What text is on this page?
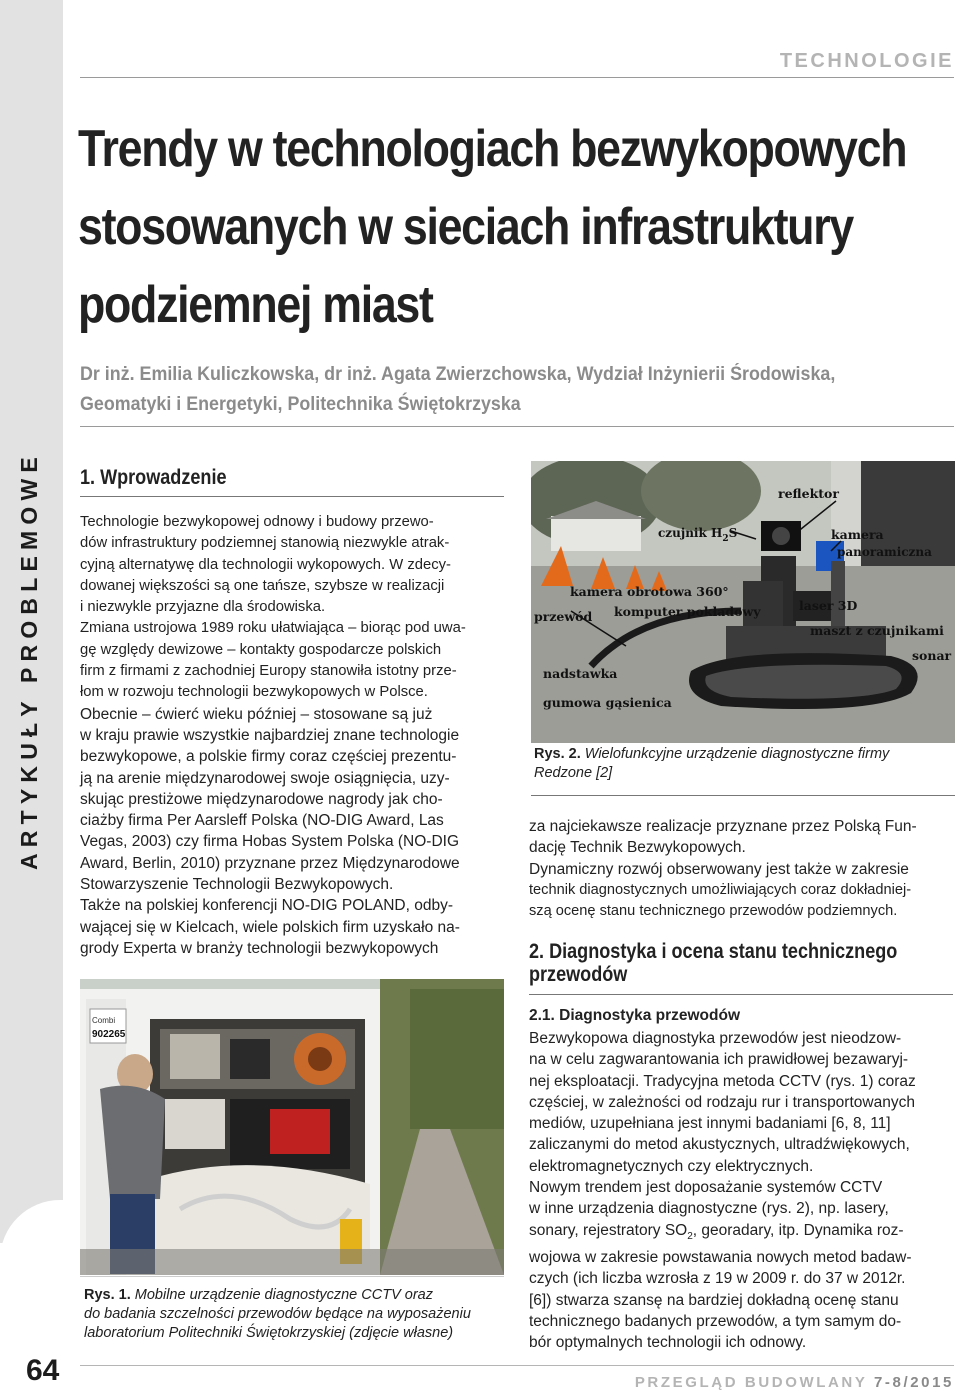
ARTYKUŁY PROBLEMOWE
64
TECHNOLOGIE
Trendy w technologiach bezwykopowych
stosowanych w sieciach infrastruktury
podziemnej miast
Dr inż. Emilia Kuliczkowska, dr inż. Agata Zwierzchowska, Wydział Inżynierii Środowiska,
Geomatyki i Energetyki, Politechnika Świętokrzyska
1. Wprowadzenie

Technologie bezwykopowej odnowy i budowy przewo-

dów infrastruktury podziemnej stanowią niezwykle atrak-

cyjną alternatywę dla technologii wykopowych. W zdecy-

dowanej większości są one tańsze, szybsze w realizacji

i niezwykle przyjazne dla środowiska.

Zmiana ustrojowa 1989 roku ułatwiająca – biorąc pod uwa-

gę względy dewizowe – kontakty gospodarcze polskich

firm z firmami z zachodniej Europy stanowiła istotny prze-

łom w rozwoju technologii bezwykopowych w Polsce.

Obecnie – ćwierć wieku później – stosowane są już

w kraju prawie wszystkie najbardziej znane technologie

bezwykopowe, a polskie firmy coraz częściej prezentu-

ją na arenie międzynarodowej swoje osiągnięcia, uzy-

skując prestiżowe międzynarodowe nagrody jak cho-

ciażby firma Per Aarsleff Polska (NO-DIG Award, Las

Vegas, 2003) czy firma Hobas System Polska (NO-DIG

Award, Berlin, 2010) przyznane przez Międzynarodowe

Stowarzyszenie Technologii Bezwykopowych.

Także na polskiej konferencji NO-DIG POLAND, odby-

wającej się w Kielcach, wiele polskich firm uzyskało na-

grody Experta w branży technologii bezwykopowych

Combi
902265

Rys. 1. Mobilne urządzenie diagnostyczne CCTV oraz

do badania szczelności przewodów będące na wyposażeniu

laboratorium Politechniki Świętokrzyskiej (zdjęcie własne)

reflektor
czujnik $H_2S$	kamera
panoramiczna
kamera obrotowa 360°
komputer pokładowy
przewód
laser 3D
maszt z czujnikami
sonar
nadstawka
gumowa gąsienica

Rys. 2. Wielofunkcyjne urządzenie diagnostyczne firmy

Redzone [2]

za najciekawsze realizacje przyznane przez Polską Fun-

dację Technik Bezwykopowych.

Dynamiczny rozwój obserwowany jest także w zakresie

technik diagnostycznych umożliwiających coraz dokładniej-

szą ocenę stanu technicznego przewodów podziemnych.

2. Diagnostyka i ocena stanu technicznego
przewodów
2.1. Diagnostyka przewodów

Bezwykopowa diagnostyka przewodów jest nieodzow-

na w celu zagwarantowania ich prawidłowej bezawaryj-

nej eksploatacji. Tradycyjna metoda CCTV (rys. 1) coraz

częściej, w zależności od rodzaju rur i transportowanych

mediów, uzupełniana jest innymi badaniami [6, 8, 11]

zaliczanymi do metod akustycznych, ultradźwiękowych,

elektromagnetycznych czy elektrycznych.

Nowym trendem jest doposażanie systemów CCTV

w inne urządzenia diagnostyczne (rys. 2), np. lasery,

sonary, rejestratory $SO_2$, georadary, itp. Dynamika roz-

wojowa w zakresie powstawania nowych metod badaw-

czych (ich liczba wzrosła z 19 w 2009 r. do 37 w 2012r.

[6]) stwarza szansę na bardziej dokładną ocenę stanu

technicznego badanych przewodów, a tym samym do-

bór optymalnych technologii ich odnowy.

PRZEGLĄD BUDOWLANY 7-8/2015
